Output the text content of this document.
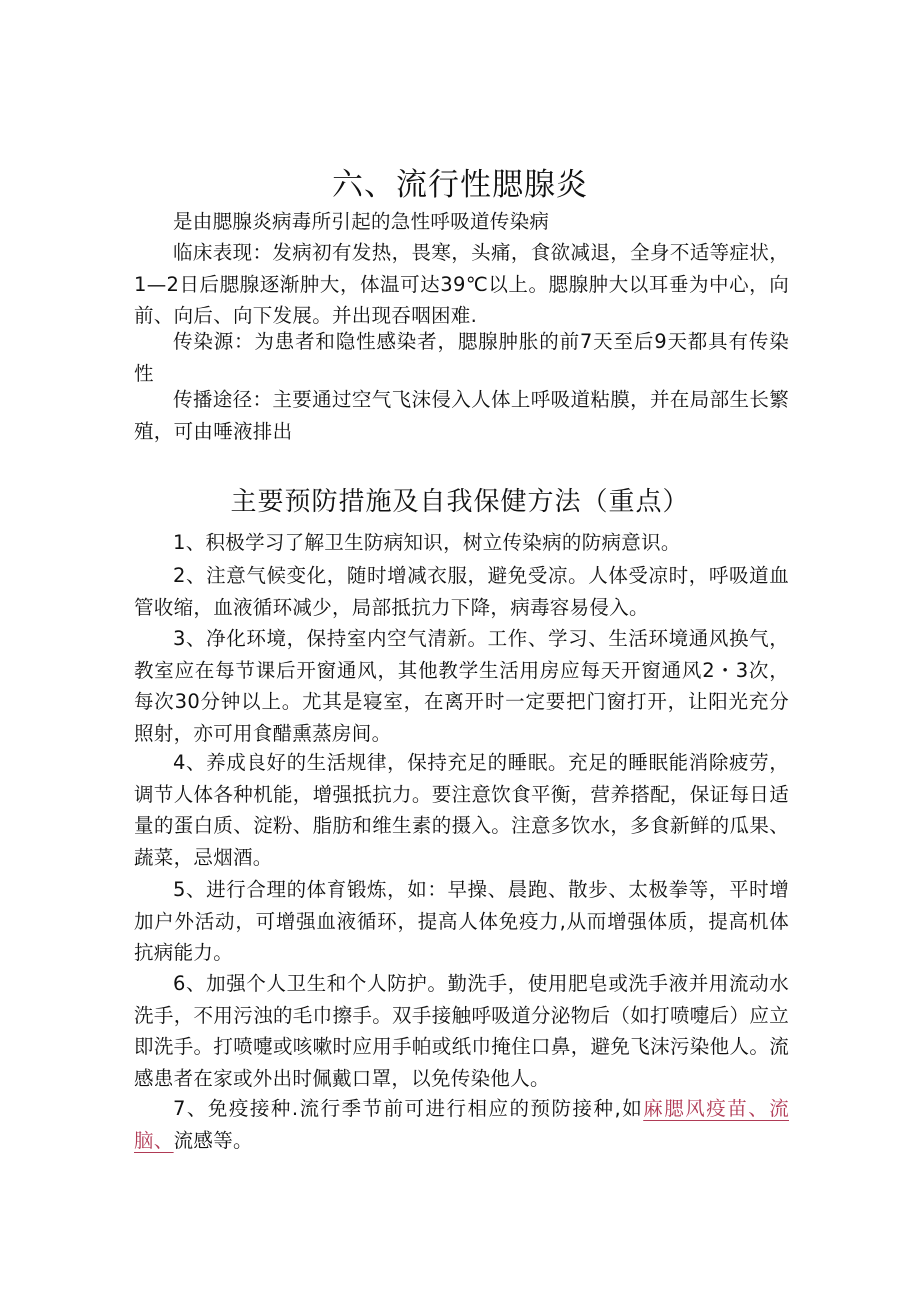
六、流行性腮腺炎
是由腮腺炎病毒所引起的急性呼吸道传染病
临床表现：发病初有发热，畏寒，头痛，食欲减退，全身不适等症状，1—2日后腮腺逐渐肿大，体温可达39℃以上。腮腺肿大以耳垂为中心，向前、向后、向下发展。并出现吞咽困难.
传染源：为患者和隐性感染者，腮腺肿胀的前7天至后9天都具有传染性
传播途径：主要通过空气飞沫侵入人体上呼吸道粘膜，并在局部生长繁殖，可由唾液排出
主要预防措施及自我保健方法（重点）
1、积极学习了解卫生防病知识，树立传染病的防病意识。
2、注意气候变化，随时增减衣服，避免受凉。人体受凉时，呼吸道血管收缩，血液循环减少，局部抵抗力下降，病毒容易侵入。
3、净化环境，保持室内空气清新。工作、学习、生活环境通风换气，教室应在每节课后开窗通风，其他教学生活用房应每天开窗通风2・3次，每次30分钟以上。尤其是寝室，在离开时一定要把门窗打开，让阳光充分照射，亦可用食醋熏蒸房间。
4、养成良好的生活规律，保持充足的睡眠。充足的睡眠能消除疲劳，调节人体各种机能，增强抵抗力。要注意饮食平衡，营养搭配，保证每日适量的蛋白质、淀粉、脂肪和维生素的摄入。注意多饮水，多食新鲜的瓜果、蔬菜，忌烟酒。
5、进行合理的体育锻炼，如：早操、晨跑、散步、太极拳等，平时增加户外活动，可增强血液循环，提高人体免疫力,从而增强体质，提高机体抗病能力。
6、加强个人卫生和个人防护。勤洗手，使用肥皂或洗手液并用流动水洗手，不用污浊的毛巾擦手。双手接触呼吸道分泌物后（如打喷嚏后）应立即洗手。打喷嚏或咳嗽时应用手帕或纸巾掩住口鼻，避免飞沫污染他人。流感患者在家或外出时佩戴口罩，以免传染他人。
7、免疫接种.流行季节前可进行相应的预防接种,如麻腮风疫苗、流脑、流感等。
